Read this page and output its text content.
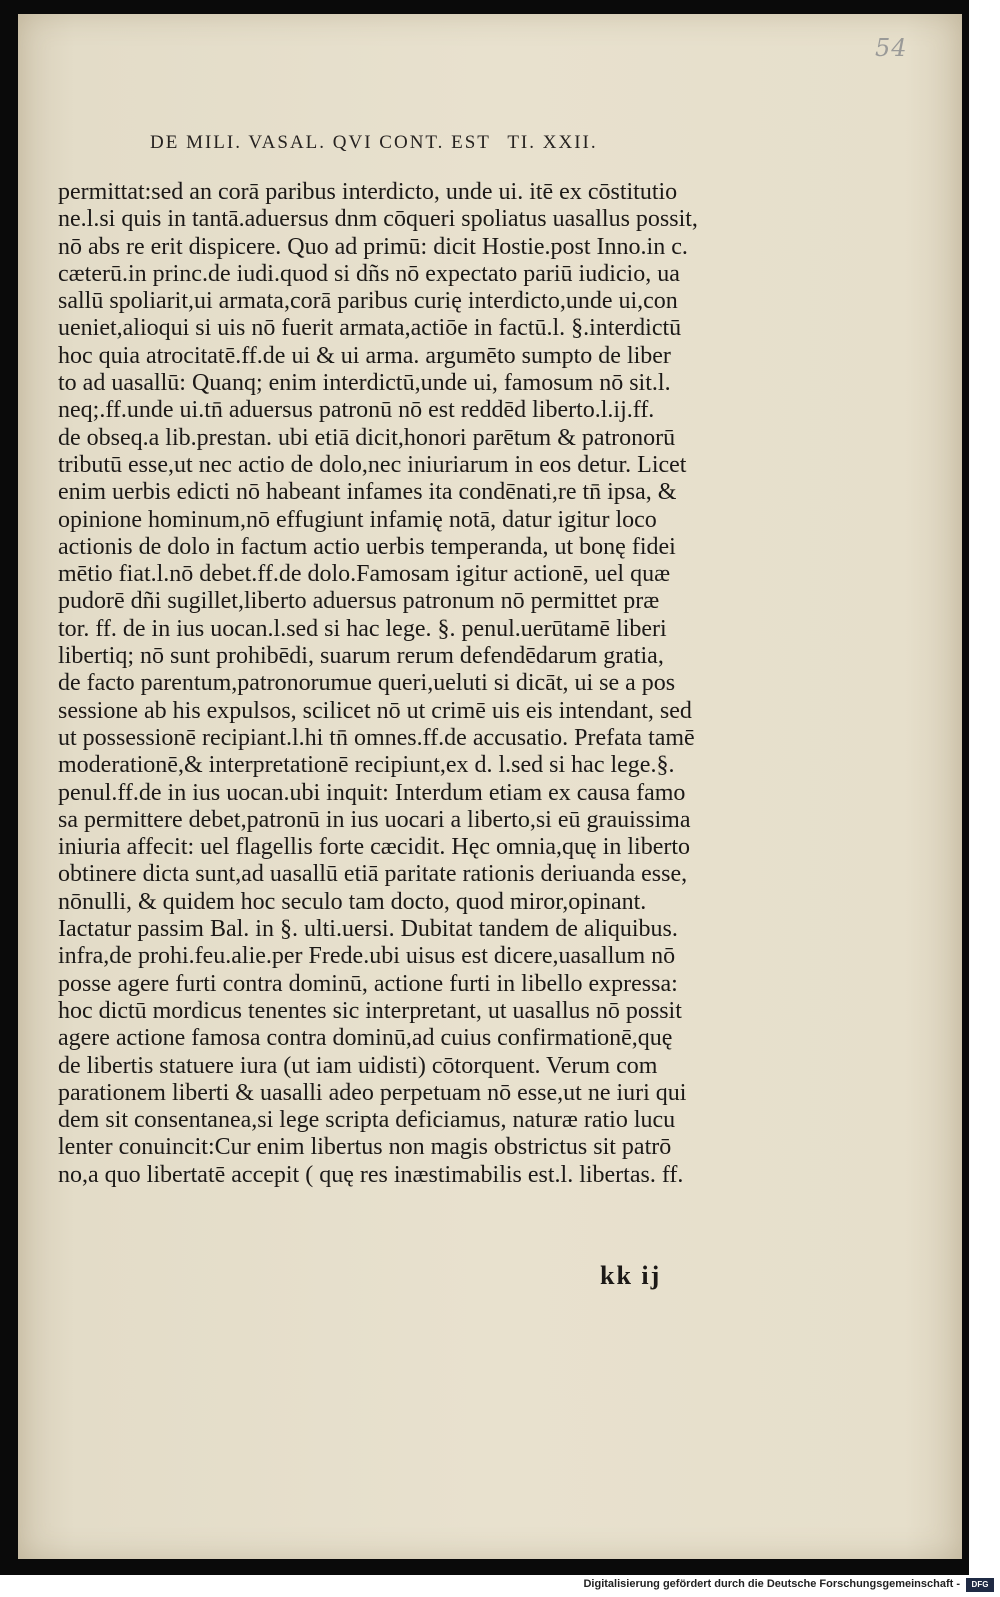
54
DE MILI. VASAL. QVI CONT. EST TI. XXII.
permittat:sed an corā paribus interdicto, unde ui. itē ex cōstitutio
ne.l.si quis in tantā.aduersus dnm cōqueri spoliatus uasallus possit,
nō abs re erit dispicere. Quo ad primū: dicit Hostie.post Inno.in c.
cæterū.in princ.de iudi.quod si dñs nō expectato pariū iudicio, ua
sallū spoliarit,ui armata,corā paribus curię interdicto,unde ui,con
ueniet,alioqui si uis nō fuerit armata,actiōe in factū.l. §.interdictū
hoc quia atrocitatē.ff.de ui & ui arma. argumēto sumpto de liber
to ad uasallū: Quanq; enim interdictū,unde ui, famosum nō sit.l.
neq;.ff.unde ui.tn̄ aduersus patronū nō est reddēd liberto.l.ij.ff.
de obseq.a lib.prestan. ubi etiā dicit,honori parētum & patronorū
tributū esse,ut nec actio de dolo,nec iniuriarum in eos detur. Licet
enim uerbis edicti nō habeant infames ita condēnati,re tn̄ ipsa, &
opinione hominum,nō effugiunt infamię notā, datur igitur loco
actionis de dolo in factum actio uerbis temperanda, ut bonę fidei
mētio fiat.l.nō debet.ff.de dolo.Famosam igitur actionē, uel quæ
pudorē dñi sugillet,liberto aduersus patronum nō permittet præ
tor. ff. de in ius uocan.l.sed si hac lege. §. penul.uerūtamē liberi
libertiq; nō sunt prohibēdi, suarum rerum defendēdarum gratia,
de facto parentum,patronorumue queri,ueluti si dicāt, ui se a pos
sessione ab his expulsos, scilicet nō ut crimē uis eis intendant, sed
ut possessionē recipiant.l.hi tn̄ omnes.ff.de accusatio. Prefata tamē
moderationē,& interpretationē recipiunt,ex d. l.sed si hac lege.§.
penul.ff.de in ius uocan.ubi inquit: Interdum etiam ex causa famo
sa permittere debet,patronū in ius uocari a liberto,si eū grauissima
iniuria affecit: uel flagellis forte cæcidit. Hęc omnia,quę in liberto
obtinere dicta sunt,ad uasallū etiā paritate rationis deriuanda esse,
nōnulli, & quidem hoc seculo tam docto, quod miror,opinant.
Iactatur passim Bal. in §. ulti.uersi. Dubitat tandem de aliquibus.
infra,de prohi.feu.alie.per Frede.ubi uisus est dicere,uasallum nō
posse agere furti contra dominū, actione furti in libello expressa:
hoc dictū mordicus tenentes sic interpretant, ut uasallus nō possit
agere actione famosa contra dominū,ad cuius confirmationē,quę
de libertis statuere iura (ut iam uidisti) cōtorquent. Verum com
parationem liberti & uasalli adeo perpetuam nō esse,ut ne iuri qui
dem sit consentanea,si lege scripta deficiamus, naturæ ratio lucu
lenter conuincit:Cur enim libertus non magis obstrictus sit patrō
no,a quo libertatē accepit ( quę res inæstimabilis est.l. libertas. ff.
kk ij
Digitalisierung gefördert durch die Deutsche Forschungsgemeinschaft -	DFG
